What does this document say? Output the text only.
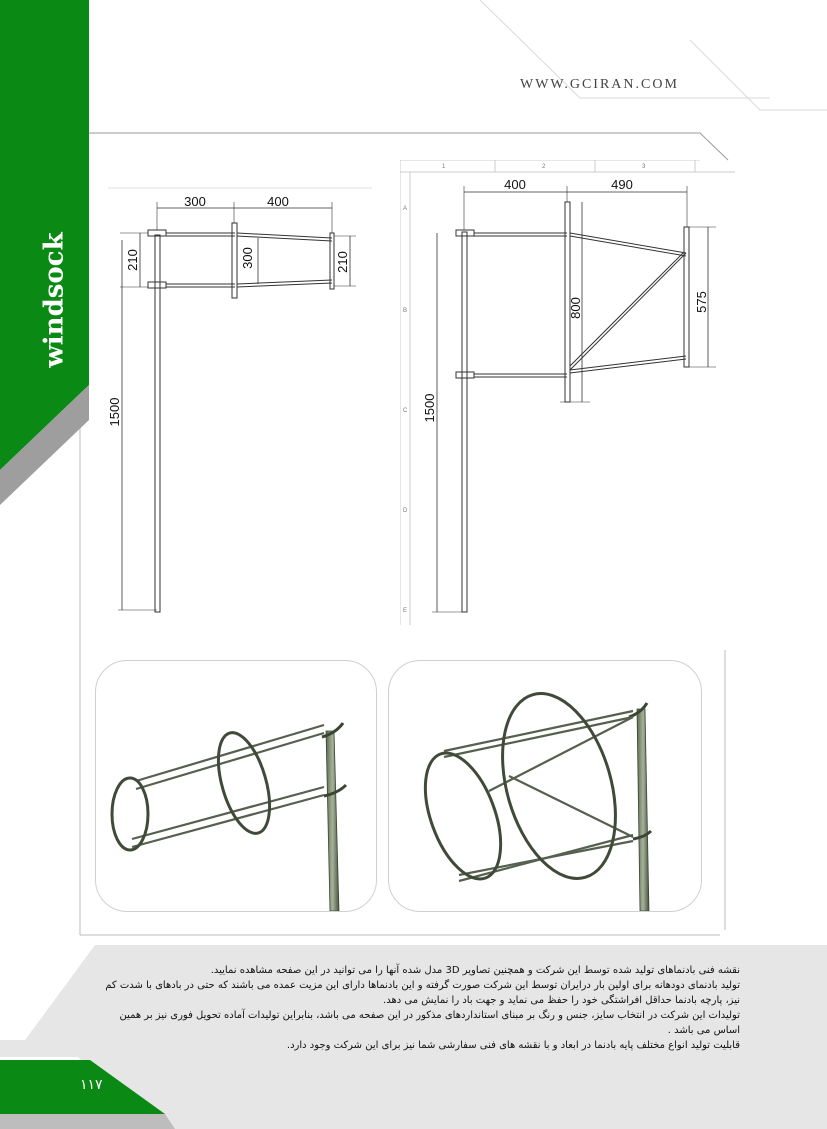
WWW.GCIRAN.COM
windsock
300	400
210	300	210
1500
1	2	3
A
B
C
D
E
400	490
800	575
1500

نقشه فنی بادنماهای تولید شده توسط این شرکت و همچنین تصاویر 3D مدل شده آنها را می توانید در این صفحه مشاهده نمایید.

تولید بادنمای دودهانه برای اولین بار درایران توسط این شرکت صورت گرفته و این بادنماها دارای این مزیت عمده می باشند که حتی در بادهای با شدت کم نیز، پارچه بادنما حداقل افراشتگی خود را حفظ می نماید و جهت باد را نمایش می دهد.

تولیدات این شرکت در انتخاب سایز، جنس و رنگ بر مبنای استانداردهای مذکور در این صفحه می باشد، بنابراین تولیدات آماده تحویل فوری نیز بر همین اساس می باشد .

قابلیت تولید انواع مختلف پایه بادنما در ابعاد و با نقشه های فنی سفارشی شما نیز برای این شرکت وجود دارد.

۱۱۷
